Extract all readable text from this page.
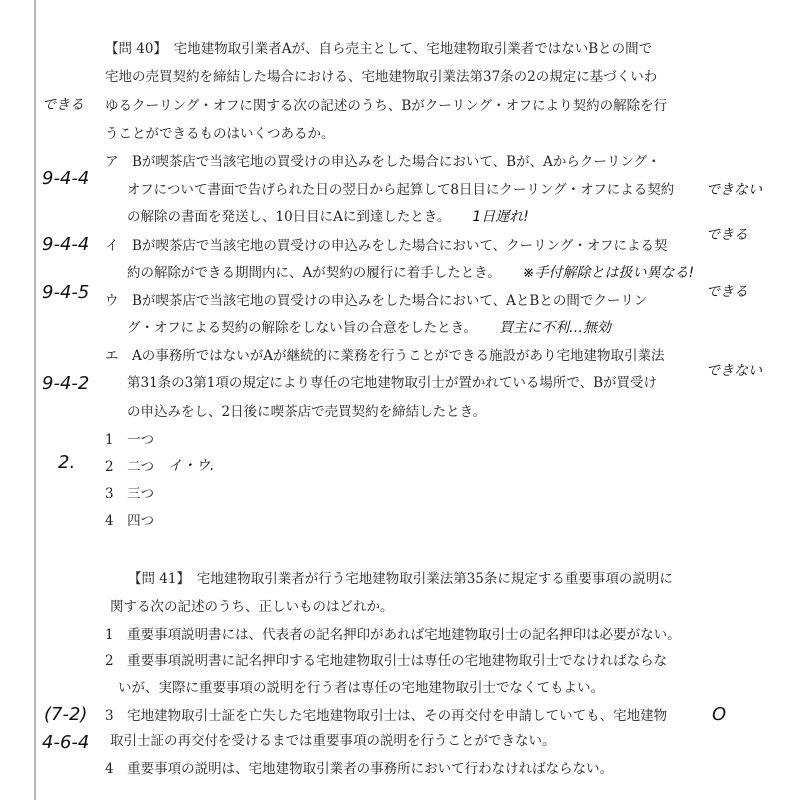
【問 40】　宅地建物取引業者Aが、自ら売主として、宅地建物取引業者ではないBとの間で
宅地の売買契約を締結した場合における、宅地建物取引業法第37条の2の規定に基づくいわ
ゆるクーリング・オフに関する次の記述のうち、Bがクーリング・オフにより契約の解除を行
うことができるものはいくつあるか。
ア　Bが喫茶店で当該宅地の買受けの申込みをした場合において、Bが、Aからクーリング・
オフについて書面で告げられた日の翌日から起算して8日目にクーリング・オフによる契約
の解除の書面を発送し、10日目にAに到達したとき。 1日遅れ!
イ　Bが喫茶店で当該宅地の買受けの申込みをした場合において、クーリング・オフによる契
約の解除ができる期間内に、Aが契約の履行に着手したとき。 ※手付解除とは扱い異なる!
ウ　Bが喫茶店で当該宅地の買受けの申込みをした場合において、AとBとの間でクーリン
グ・オフによる契約の解除をしない旨の合意をしたとき。 買主に不利…無効
エ　Aの事務所ではないがAが継続的に業務を行うことができる施設があり宅地建物取引業法
第31条の3第1項の規定により専任の宅地建物取引士が置かれている場所で、Bが買受け
の申込みをし、2日後に喫茶店で売買契約を締結したとき。
1　一つ
2　二つ
3　三つ
4　四つ
【問 41】　宅地建物取引業者が行う宅地建物取引業法第35条に規定する重要事項の説明に
関する次の記述のうち、正しいものはどれか。
1　重要事項説明書には、代表者の記名押印があれば宅地建物取引士の記名押印は必要がない。
2　重要事項説明書に記名押印する宅地建物取引士は専任の宅地建物取引士でなければならな
いが、実際に重要事項の説明を行う者は専任の宅地建物取引士でなくてもよい。
3　宅地建物取引士証を亡失した宅地建物取引士は、その再交付を申請していても、宅地建物
取引士証の再交付を受けるまでは重要事項の説明を行うことができない。
4　重要事項の説明は、宅地建物取引業者の事務所において行わなければならない。
できる
9-4-4
できない
できる
9-4-4
9-4-5	できる
できない
9-4-2
2.	イ・ウ.
(7-2)
4-6-4
O
